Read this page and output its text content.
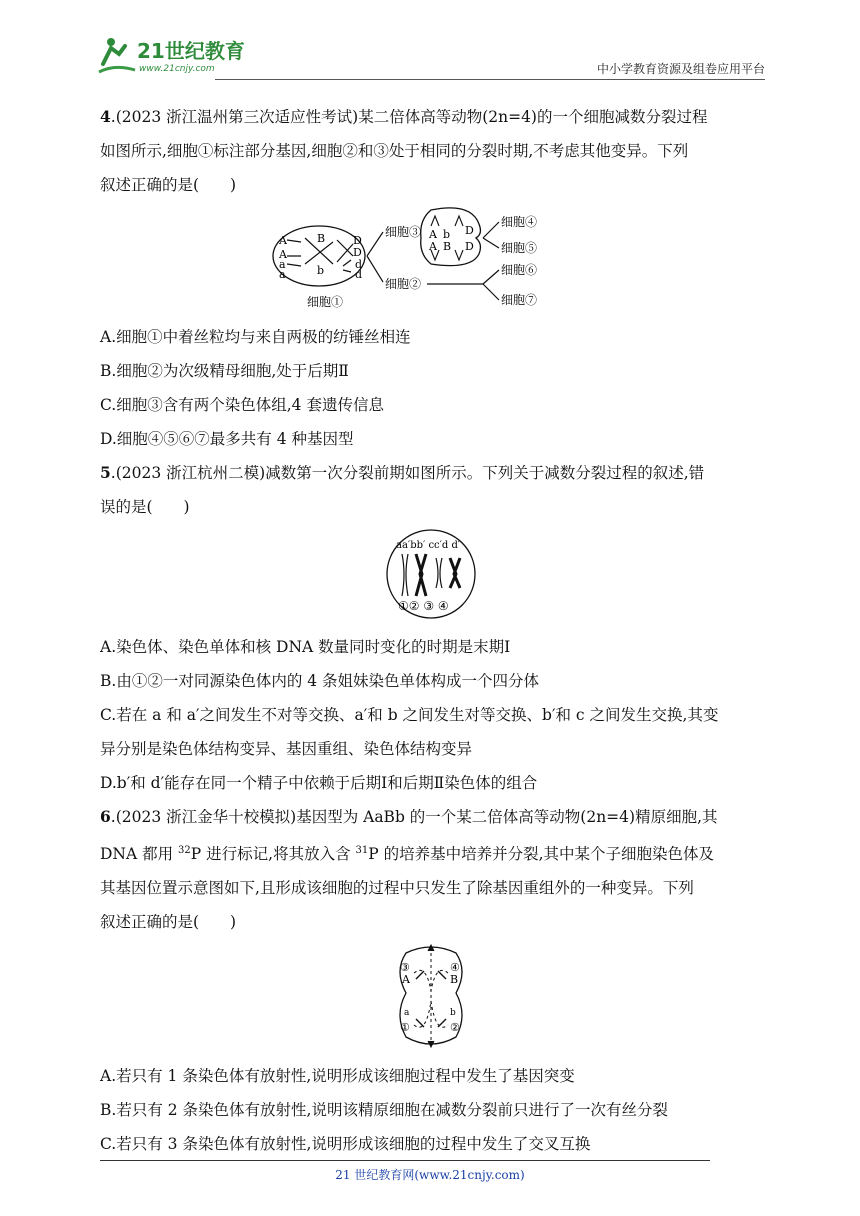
21世纪教育
www.21cnjy.com	中小学教育资源及组卷应用平台

4.(2023 浙江温州第三次适应性考试)某二倍体高等动物(2n=4)的一个细胞减数分裂过程

如图所示,细胞①标注部分基因,细胞②和③处于相同的分裂时期,不考虑其他变异。下列

叙述正确的是(　　)

A
A
a
a
B
b
D
D
d
d
细胞①
细胞③
细胞②
A b D
A B D
细胞④
细胞⑤
细胞⑥
细胞⑦

A.细胞①中着丝粒均与来自两极的纺锤丝相连

B.细胞②为次级精母细胞,处于后期Ⅱ

C.细胞③含有两个染色体组,4 套遗传信息

D.细胞④⑤⑥⑦最多共有 4 种基因型

5.(2023 浙江杭州二模)减数第一次分裂前期如图所示。下列关于减数分裂过程的叙述,错

误的是(　　)

aa′bb′ cc′d d′
①② ③ ④

A.染色体、染色单体和核 DNA 数量同时变化的时期是末期Ⅰ

B.由①②一对同源染色体内的 4 条姐妹染色单体构成一个四分体

C.若在 a 和 a′之间发生不对等交换、a′和 b 之间发生对等交换、b′和 c 之间发生交换,其变

异分别是染色体结构变异、基因重组、染色体结构变异

D.b′和 d′能存在同一个精子中依赖于后期Ⅰ和后期Ⅱ染色体的组合

6.(2023 浙江金华十校模拟)基因型为 AaBb 的一个某二倍体高等动物(2n=4)精原细胞,其

DNA 都用 $^{32}$P 进行标记,将其放入含 $^{31}$P 的培养基中培养并分裂,其中某个子细胞染色体及

其基因位置示意图如下,且形成该细胞的过程中只发生了除基因重组外的一种变异。下列

叙述正确的是(　　)

③
A
④
B
a
①
b
②

A.若只有 1 条染色体有放射性,说明形成该细胞过程中发生了基因突变

B.若只有 2 条染色体有放射性,说明该精原细胞在减数分裂前只进行了一次有丝分裂

C.若只有 3 条染色体有放射性,说明形成该细胞的过程中发生了交叉互换

21 世纪教育网(www.21cnjy.com)
